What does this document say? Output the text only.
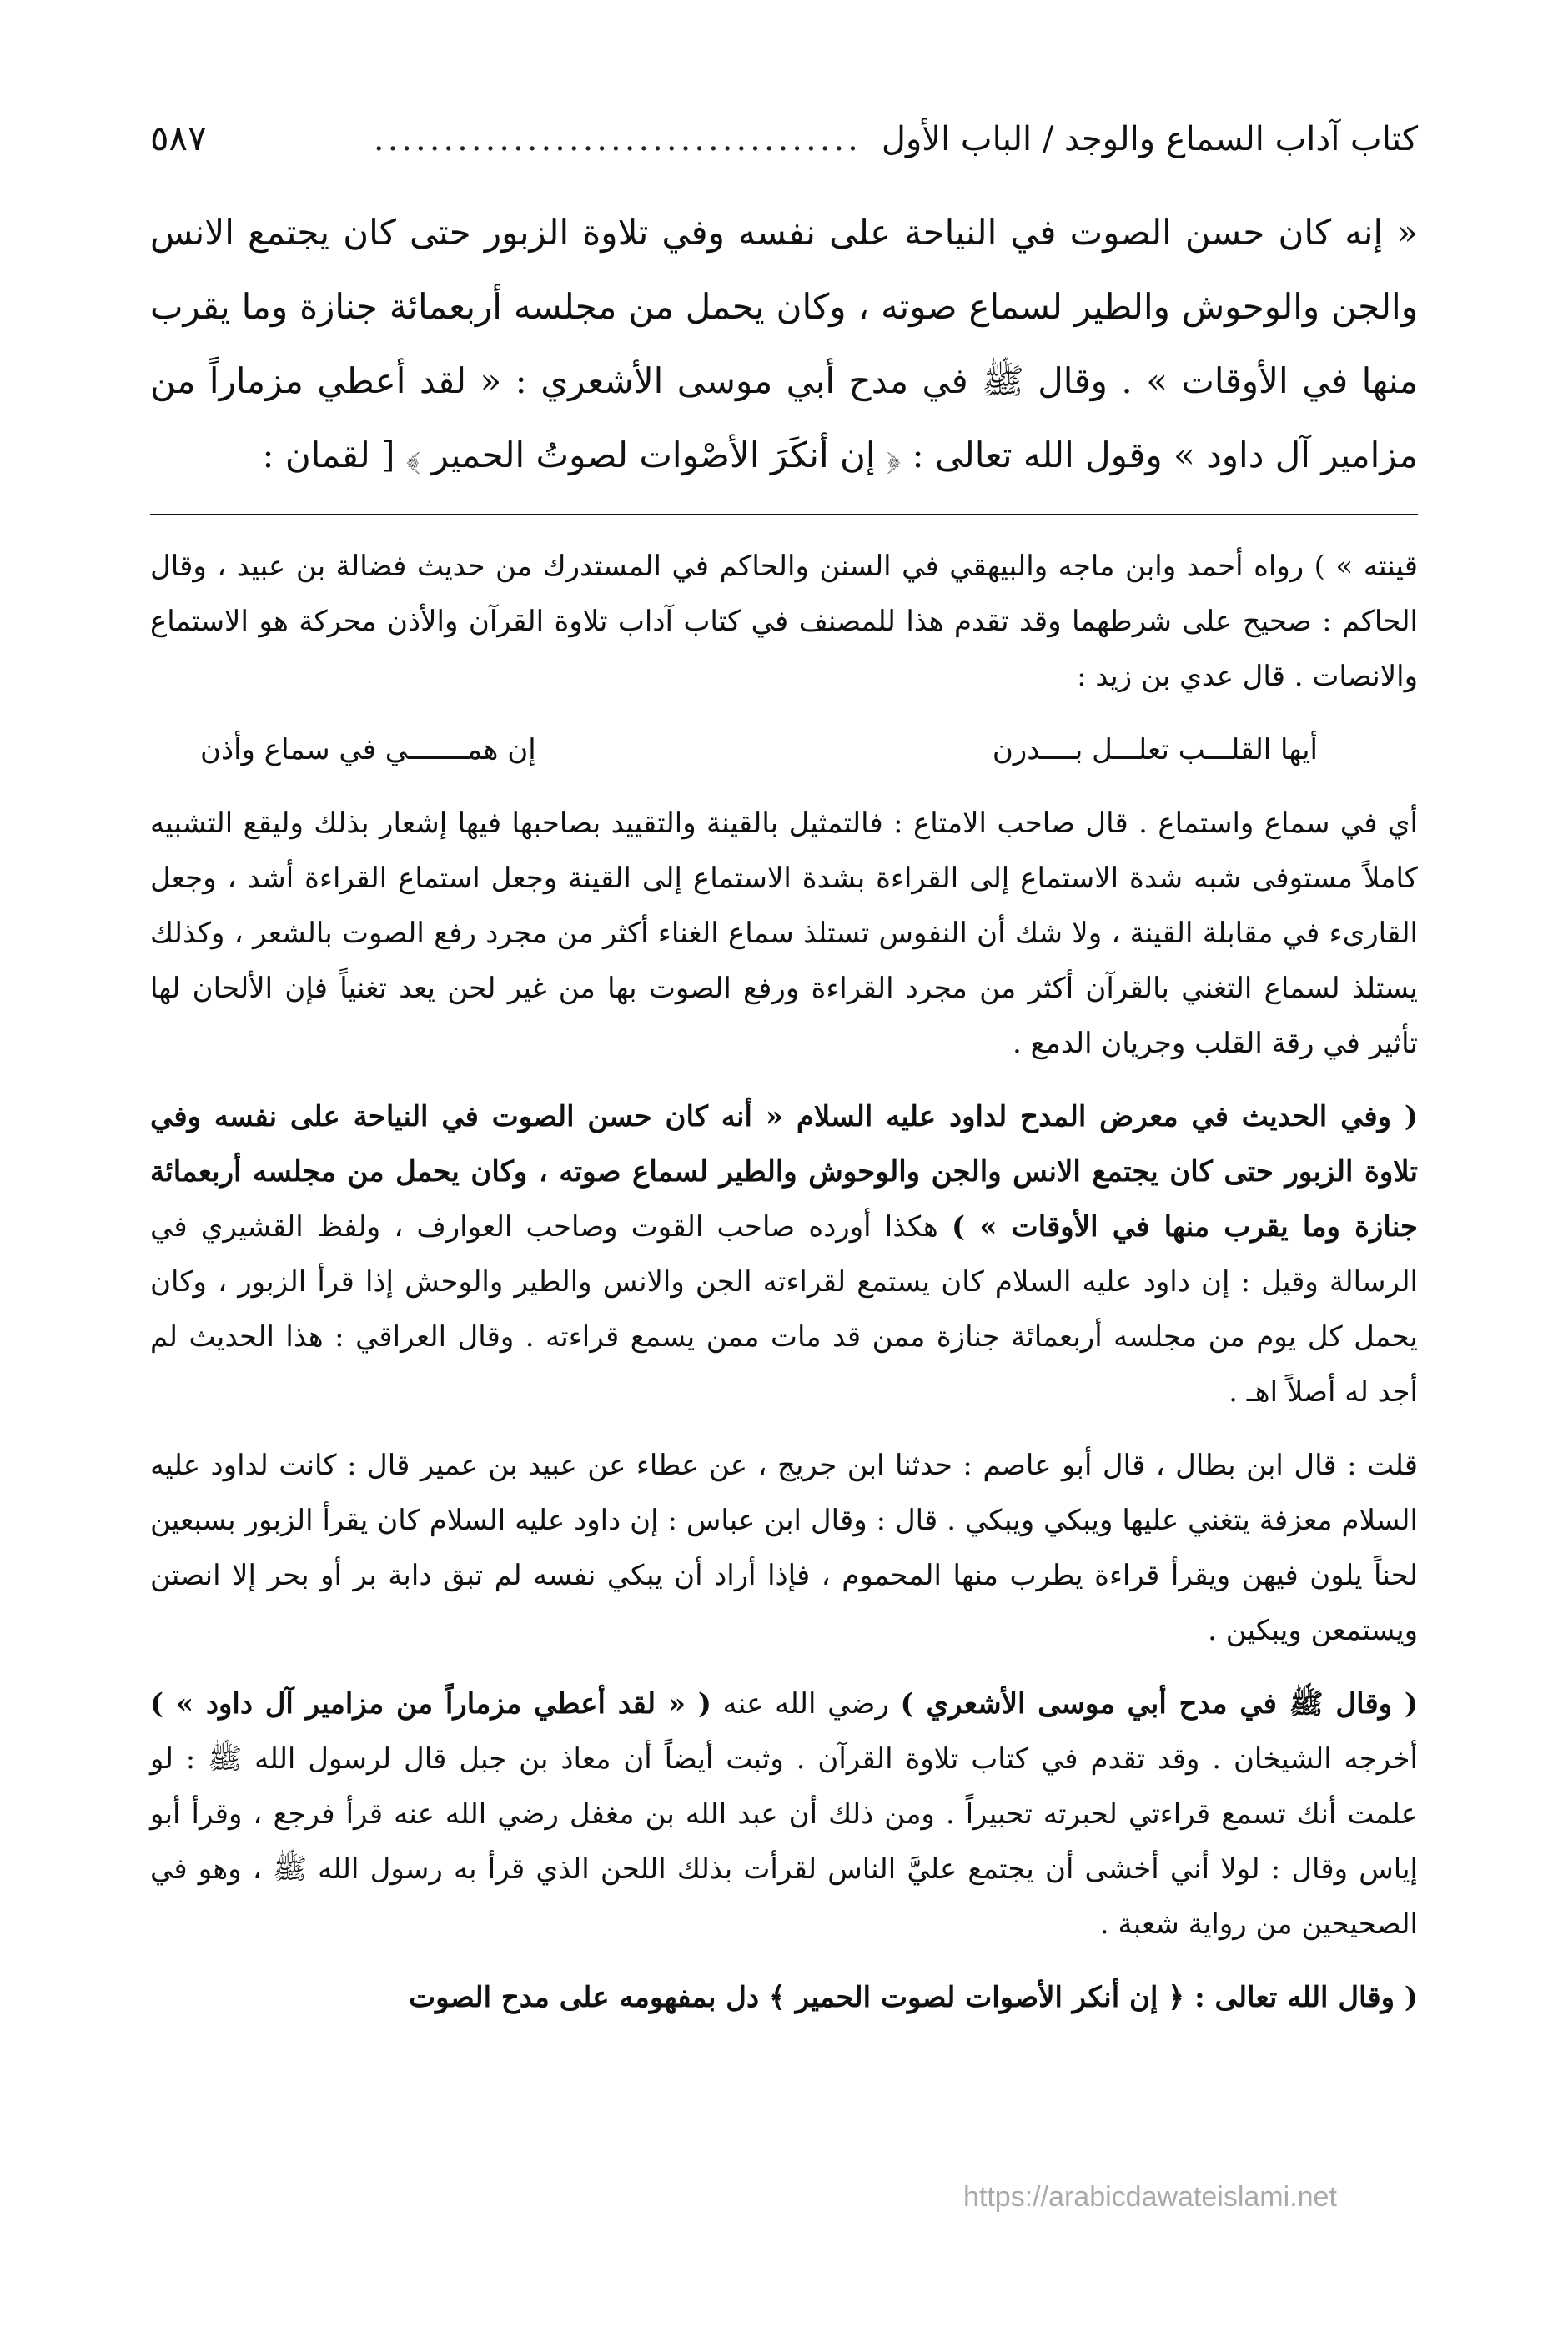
كتاب آداب السماع والوجد / الباب الأول
...................................
٥٨٧

« إنه كان حسن الصوت في النياحة على نفسه وفي تلاوة الزبور حتى كان يجتمع الانس والجن والوحوش والطير لسماع صوته ، وكان يحمل من مجلسه أربعمائة جنازة وما يقرب منها في الأوقات » . وقال ﷺ في مدح أبي موسى الأشعري : « لقد أعطي مزماراً من مزامير آل داود » وقول الله تعالى : ﴿ إن أنكَرَ الأصْوات لصوتُ الحمير ﴾ [ لقمان :

قينته » ) رواه أحمد وابن ماجه والبيهقي في السنن والحاكم في المستدرك من حديث فضالة بن عبيد ، وقال الحاكم : صحيح على شرطهما وقد تقدم هذا للمصنف في كتاب آداب تلاوة القرآن والأذن محركة هو الاستماع والانصات . قال عدي بن زيد :

أيها القلـــب تعلـــل بــــدرن
إن همـــــــي في سماع وأذن

أي في سماع واستماع . قال صاحب الامتاع : فالتمثيل بالقينة والتقييد بصاحبها فيها إشعار بذلك وليقع التشبيه كاملاً مستوفى شبه شدة الاستماع إلى القراءة بشدة الاستماع إلى القينة وجعل استماع القراءة أشد ، وجعل القارىء في مقابلة القينة ، ولا شك أن النفوس تستلذ سماع الغناء أكثر من مجرد رفع الصوت بالشعر ، وكذلك يستلذ لسماع التغني بالقرآن أكثر من مجرد القراءة ورفع الصوت بها من غير لحن يعد تغنياً فإن الألحان لها تأثير في رقة القلب وجريان الدمع .

( وفي الحديث في معرض المدح لداود عليه السلام « أنه كان حسن الصوت في النياحة على نفسه وفي تلاوة الزبور حتى كان يجتمع الانس والجن والوحوش والطير لسماع صوته ، وكان يحمل من مجلسه أربعمائة جنازة وما يقرب منها في الأوقات » ) هكذا أورده صاحب القوت وصاحب العوارف ، ولفظ القشيري في الرسالة وقيل : إن داود عليه السلام كان يستمع لقراءته الجن والانس والطير والوحش إذا قرأ الزبور ، وكان يحمل كل يوم من مجلسه أربعمائة جنازة ممن قد مات ممن يسمع قراءته . وقال العراقي : هذا الحديث لم أجد له أصلاً اهـ .

قلت : قال ابن بطال ، قال أبو عاصم : حدثنا ابن جريج ، عن عطاء عن عبيد بن عمير قال : كانت لداود عليه السلام معزفة يتغني عليها ويبكي ويبكي . قال : وقال ابن عباس : إن داود عليه السلام كان يقرأ الزبور بسبعين لحناً يلون فيهن ويقرأ قراءة يطرب منها المحموم ، فإذا أراد أن يبكي نفسه لم تبق دابة بر أو بحر إلا انصتن ويستمعن ويبكين .

( وقال ﷺ في مدح أبي موسى الأشعري ) رضي الله عنه ( « لقد أعطي مزماراً من مزامير آل داود » ) أخرجه الشيخان . وقد تقدم في كتاب تلاوة القرآن . وثبت أيضاً أن معاذ بن جبل قال لرسول الله ﷺ : لو علمت أنك تسمع قراءتي لحبرته تحبيراً . ومن ذلك أن عبد الله بن مغفل رضي الله عنه قرأ فرجع ، وقرأ أبو إياس وقال : لولا أني أخشى أن يجتمع عليَّ الناس لقرأت بذلك اللحن الذي قرأ به رسول الله ﷺ ، وهو في الصحيحين من رواية شعبة .

( وقال الله تعالى : ﴿ إن أنكر الأصوات لصوت الحمير ﴾ دل بمفهومه على مدح الصوت

https://arabicdawateislami.net
